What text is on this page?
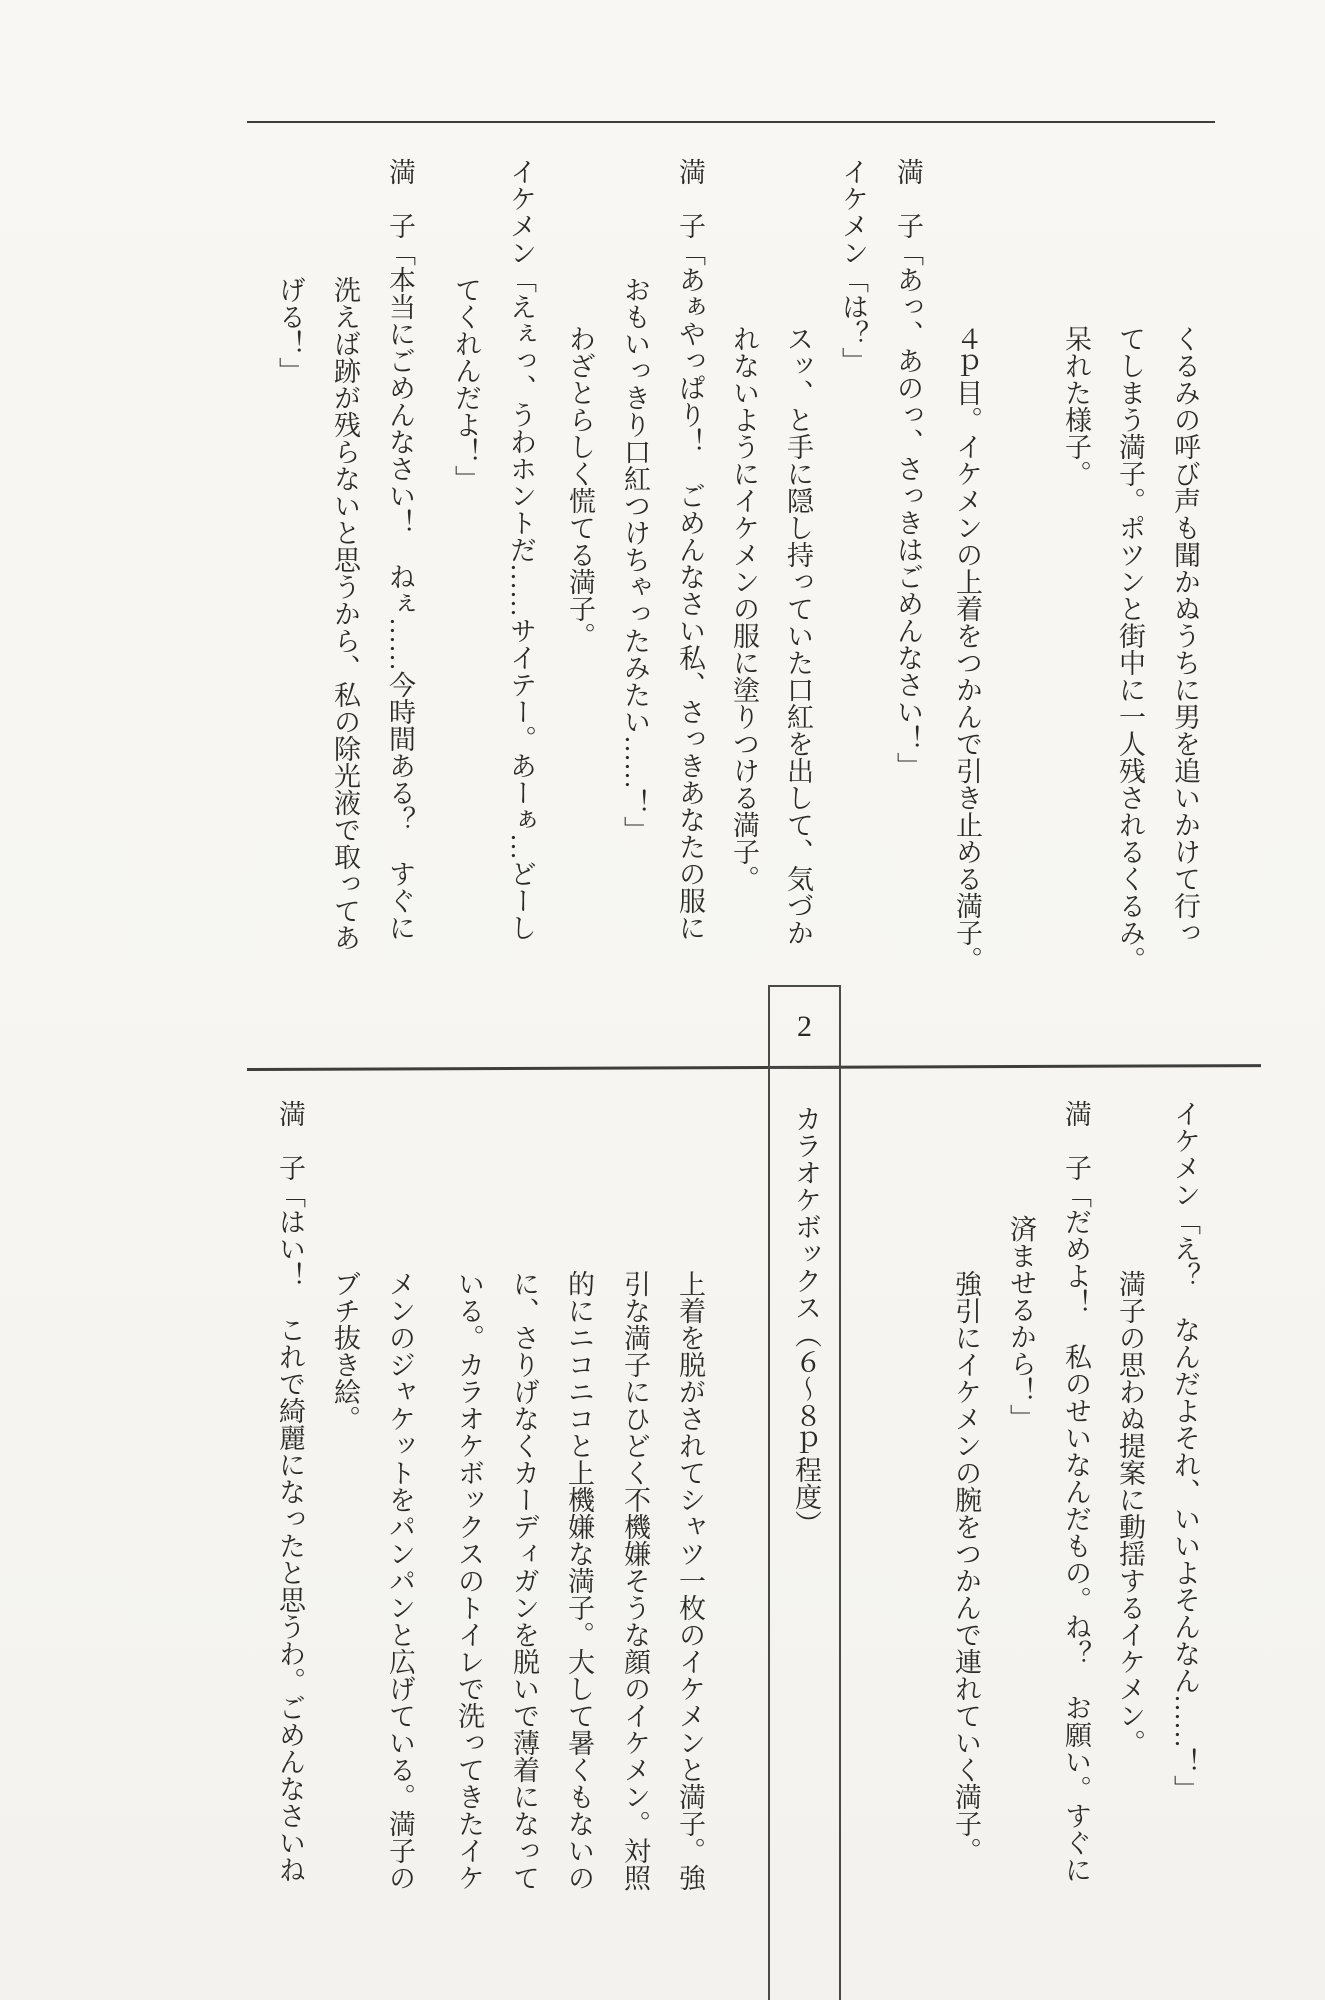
2
カラオケボックス（６〜８ｐ程度）
くるみの呼び声も聞かぬうちに男を追いかけて行っ
てしまう満子。ポツンと街中に一人残されるくるみ。
呆れた様子。
４ｐ目。イケメンの上着をつかんで引き止める満子。
満　子「あっ、あのっ、さっきはごめんなさい！」
イケメン「は？」
スッ、と手に隠し持っていた口紅を出して、気づか
れないようにイケメンの服に塗りつける満子。
満　子「あぁやっぱり！　ごめんなさい私、さっきあなたの服に
おもいっきり口紅つけちゃったみたい……！」
わざとらしく慌てる満子。
イケメン「えぇっ、うわホントだ……サイテー。あーぁ…どーし
てくれんだよ！」
満　子「本当にごめんなさい！　ねぇ……今時間ある？　すぐに
洗えば跡が残らないと思うから、私の除光液で取ってあ
げる！」
イケメン「え？　なんだよそれ、いいよそんなん……！」
満子の思わぬ提案に動揺するイケメン。
満　子「だめよ！　私のせいなんだもの。ね？　お願い。すぐに
済ませるから！」
強引にイケメンの腕をつかんで連れていく満子。
上着を脱がされてシャツ一枚のイケメンと満子。強
引な満子にひどく不機嫌そうな顔のイケメン。対照
的にニコニコと上機嫌な満子。大して暑くもないの
に、さりげなくカーディガンを脱いで薄着になって
いる。カラオケボックスのトイレで洗ってきたイケ
メンのジャケットをパンパンと広げている。満子の
ブチ抜き絵。
満　子「はい！　これで綺麗になったと思うわ。ごめんなさいね
